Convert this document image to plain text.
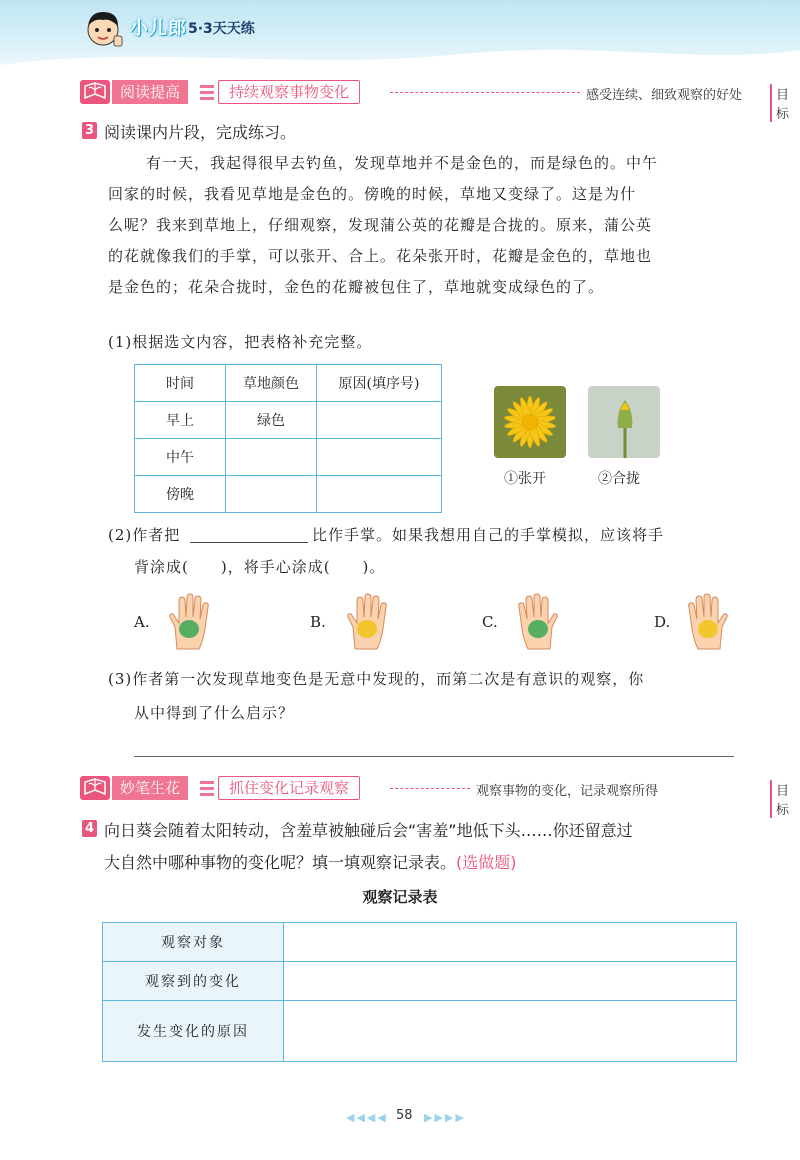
小儿郎 5·3天天练
阅读提高	持续观察事物变化	感受连续、细致观察的好处	目标
3 阅读课内片段，完成练习。
有一天，我起得很早去钓鱼，发现草地并不是金色的，而是绿色的。中午
回家的时候，我看见草地是金色的。傍晚的时候，草地又变绿了。这是为什
么呢？我来到草地上，仔细观察，发现蒲公英的花瓣是合拢的。原来，蒲公英
的花就像我们的手掌，可以张开、合上。花朵张开时，花瓣是金色的，草地也
是金色的；花朵合拢时，金色的花瓣被包住了，草地就变成绿色的了。
(1)根据选文内容，把表格补充完整。
时间	草地颜色	原因(填序号)
早上	绿色	
中午		
傍晚		
①张开	②合拢
(2)作者把	比作手掌。如果我想用自己的手掌模拟，应该将手
背涂成(　　)，将手心涂成(　　)。
A.	B.	C.	D.
(3)作者第一次发现草地变色是无意中发现的，而第二次是有意识的观察，你
从中得到了什么启示？
妙笔生花	抓住变化记录观察	观察事物的变化，记录观察所得	目标
4 向日葵会随着太阳转动，含羞草被触碰后会“害羞”地低下头……你还留意过
大自然中哪种事物的变化呢？填一填观察记录表。(选做题)
观察记录表
观察对象	
观察到的变化	
发生变化的原因	
◀◀◀◀ 58 ▶▶▶▶
